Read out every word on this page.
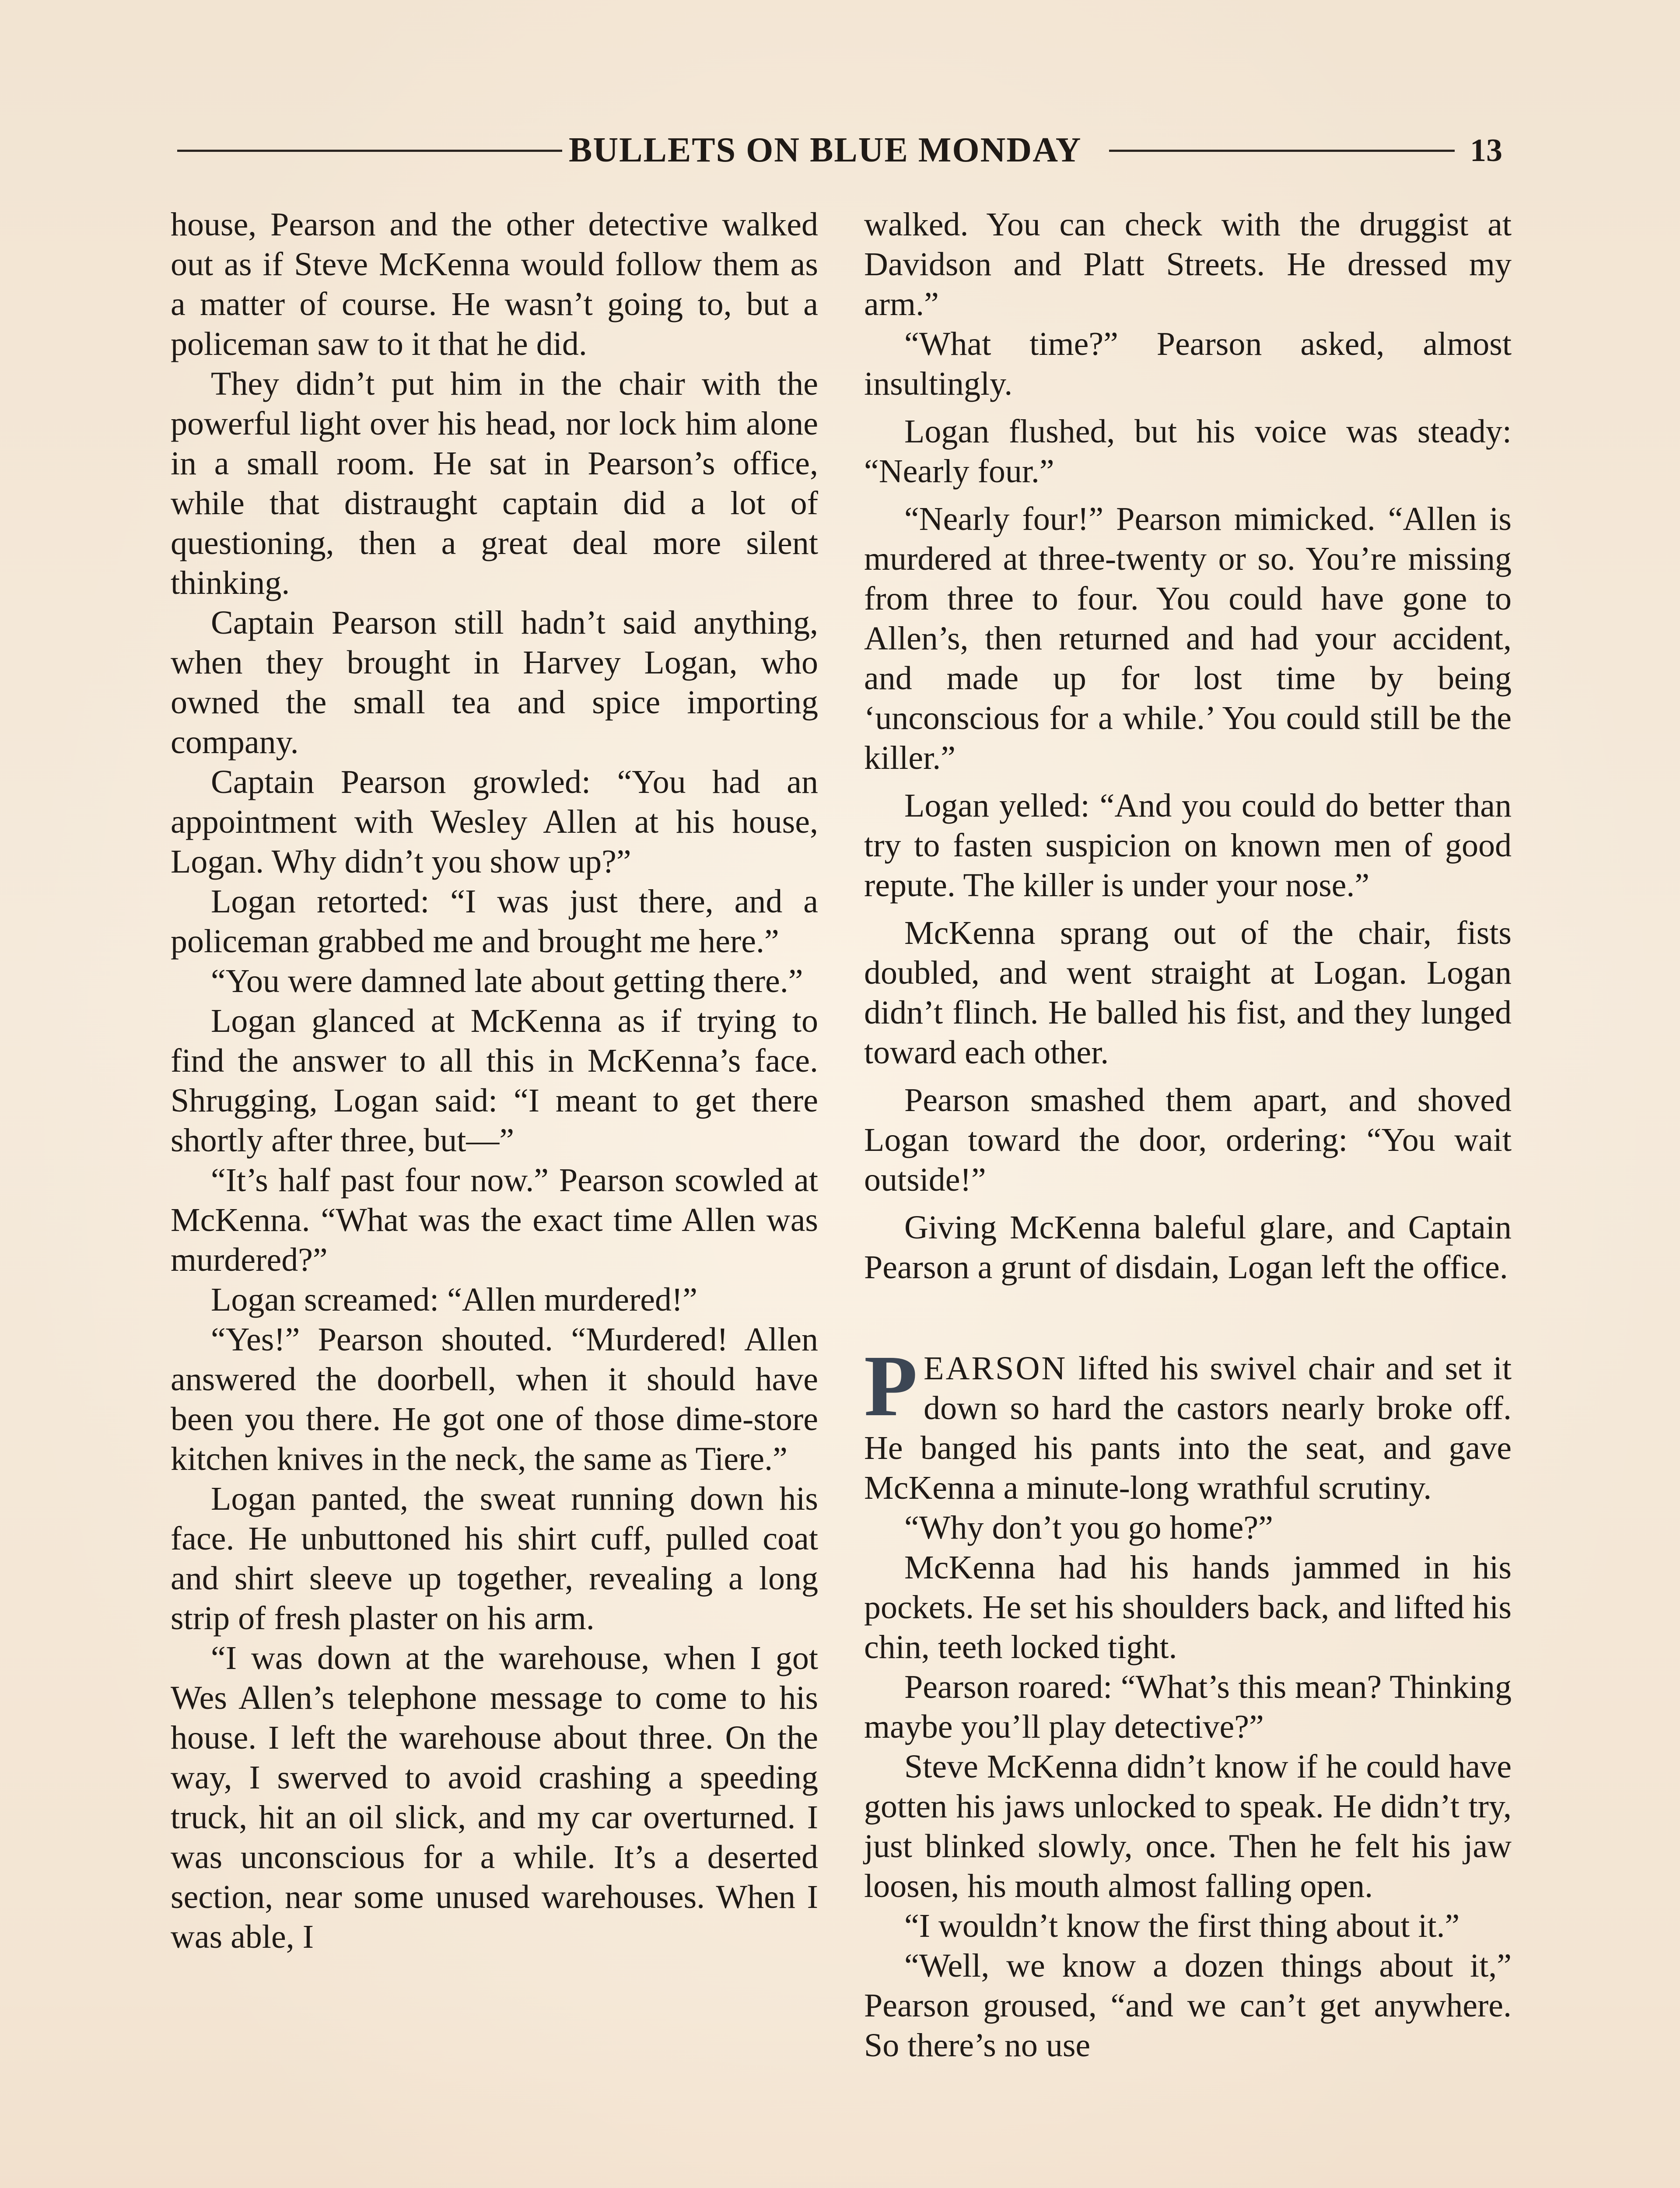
BULLETS ON BLUE MONDAY	13

house, Pearson and the other detective walked out as if Steve McKenna would follow them as a matter of course. He wasn’t going to, but a policeman saw to it that he did.

They didn’t put him in the chair with the powerful light over his head, nor lock him alone in a small room. He sat in Pearson’s office, while that distraught captain did a lot of questioning, then a great deal more silent thinking.

Captain Pearson still hadn’t said anything, when they brought in Harvey Logan, who owned the small tea and spice importing company.

Captain Pearson growled: “You had an appointment with Wesley Allen at his house, Logan. Why didn’t you show up?”

Logan retorted: “I was just there, and a policeman grabbed me and brought me here.”

“You were damned late about getting there.”

Logan glanced at McKenna as if trying to find the answer to all this in McKenna’s face. Shrugging, Logan said: “I meant to get there shortly after three, but—”

“It’s half past four now.” Pearson scowled at McKenna. “What was the exact time Allen was murdered?”

Logan screamed: “Allen murdered!”

“Yes!” Pearson shouted. “Murdered! Allen answered the doorbell, when it should have been you there. He got one of those dime-store kitchen knives in the neck, the same as Tiere.”

Logan panted, the sweat running down his face. He unbuttoned his shirt cuff, pulled coat and shirt sleeve up together, revealing a long strip of fresh plaster on his arm.

“I was down at the warehouse, when I got Wes Allen’s telephone message to come to his house. I left the warehouse about three. On the way, I swerved to avoid crashing a speeding truck, hit an oil slick, and my car overturned. I was unconscious for a while. It’s a deserted section, near some unused warehouses. When I was able, I

walked. You can check with the druggist at Davidson and Platt Streets. He dressed my arm.”

“What time?” Pearson asked, almost insultingly.

Logan flushed, but his voice was steady: “Nearly four.”

“Nearly four!” Pearson mimicked. “Allen is murdered at three-twenty or so. You’re missing from three to four. You could have gone to Allen’s, then returned and had your accident, and made up for lost time by being ‘unconscious for a while.’ You could still be the killer.”

Logan yelled: “And you could do better than try to fasten suspicion on known men of good repute. The killer is under your nose.”

McKenna sprang out of the chair, fists doubled, and went straight at Logan. Logan didn’t flinch. He balled his fist, and they lunged toward each other.

Pearson smashed them apart, and shoved Logan toward the door, ordering: “You wait outside!”

Giving McKenna baleful glare, and Captain Pearson a grunt of disdain, Logan left the office.

PEARSON lifted his swivel chair and set it down so hard the castors nearly broke off. He banged his pants into the seat, and gave McKenna a minute-long wrathful scrutiny.

“Why don’t you go home?”

McKenna had his hands jammed in his pockets. He set his shoulders back, and lifted his chin, teeth locked tight.

Pearson roared: “What’s this mean? Thinking maybe you’ll play detective?”

Steve McKenna didn’t know if he could have gotten his jaws unlocked to speak. He didn’t try, just blinked slowly, once. Then he felt his jaw loosen, his mouth almost falling open.

“I wouldn’t know the first thing about it.”

“Well, we know a dozen things about it,” Pearson groused, “and we can’t get anywhere. So there’s no use
